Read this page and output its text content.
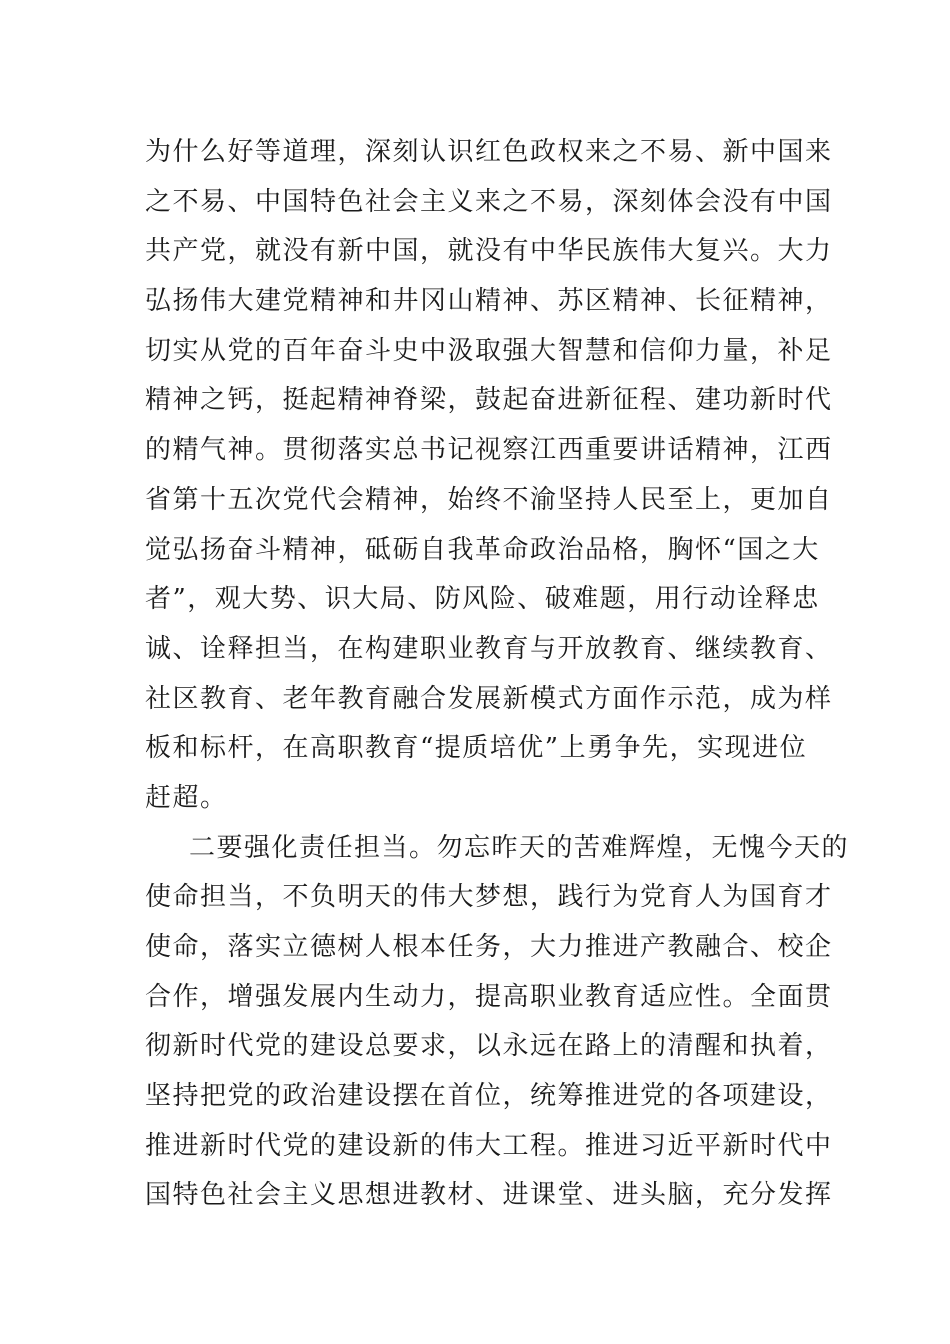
为什么好等道理，深刻认识红色政权来之不易、新中国来
之不易、中国特色社会主义来之不易，深刻体会没有中国
共产党，就没有新中国，就没有中华民族伟大复兴。大力
弘扬伟大建党精神和井冈山精神、苏区精神、长征精神，
切实从党的百年奋斗史中汲取强大智慧和信仰力量，补足
精神之钙，挺起精神脊梁，鼓起奋进新征程、建功新时代
的精气神。贯彻落实总书记视察江西重要讲话精神，江西
省第十五次党代会精神，始终不渝坚持人民至上，更加自
觉弘扬奋斗精神，砥砺自我革命政治品格，胸怀“国之大
者”，观大势、识大局、防风险、破难题，用行动诠释忠
诚、诠释担当，在构建职业教育与开放教育、继续教育、
社区教育、老年教育融合发展新模式方面作示范，成为样
板和标杆，在高职教育“提质培优”上勇争先，实现进位
赶超。
二要强化责任担当。勿忘昨天的苦难辉煌，无愧今天的
使命担当，不负明天的伟大梦想，践行为党育人为国育才
使命，落实立德树人根本任务，大力推进产教融合、校企
合作，增强发展内生动力，提高职业教育适应性。全面贯
彻新时代党的建设总要求，以永远在路上的清醒和执着，
坚持把党的政治建设摆在首位，统筹推进党的各项建设，
推进新时代党的建设新的伟大工程。推进习近平新时代中
国特色社会主义思想进教材、进课堂、进头脑，充分发挥
